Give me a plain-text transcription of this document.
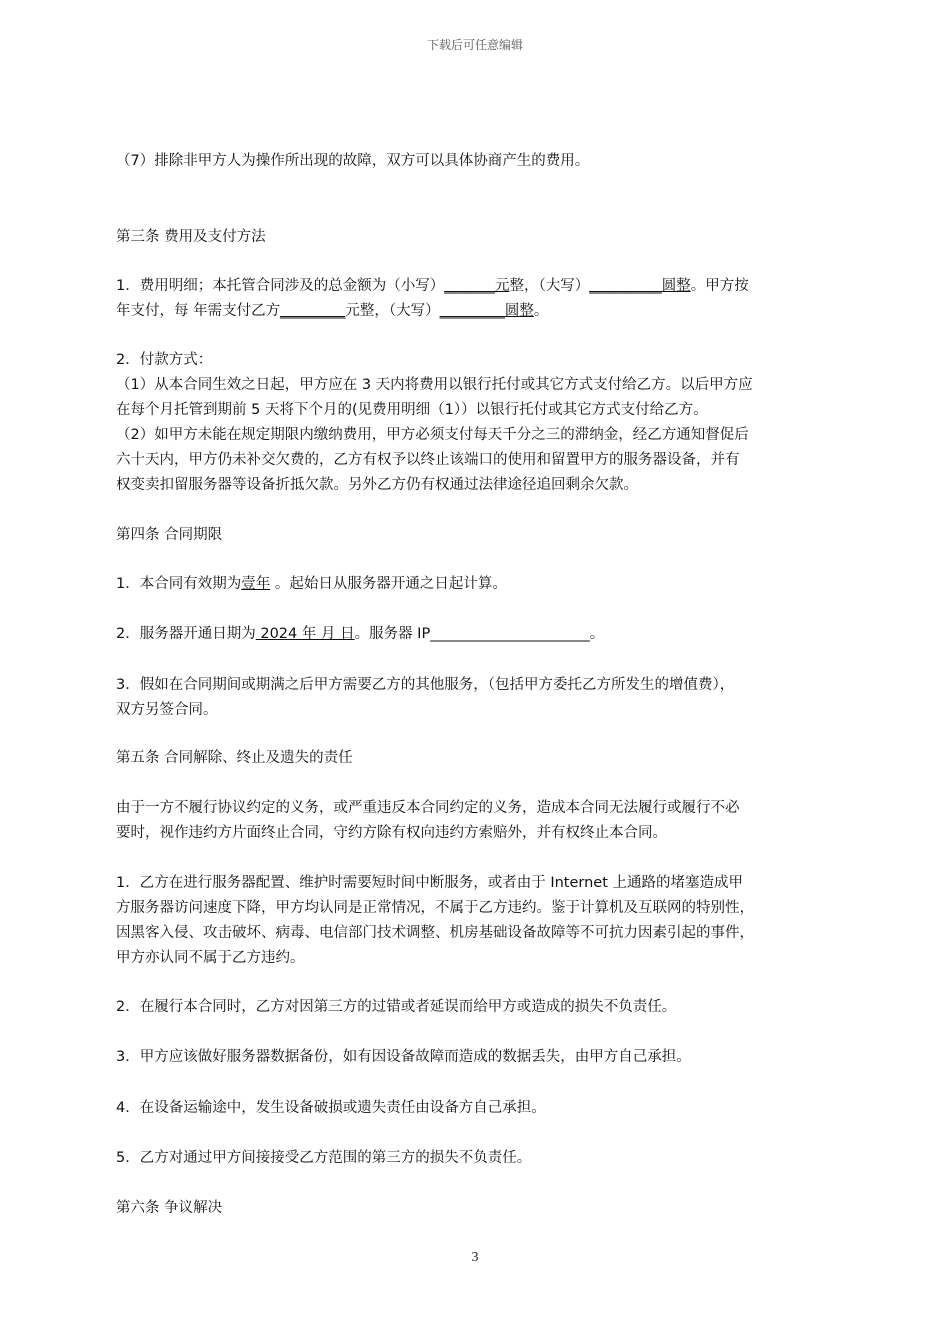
下载后可任意编辑

（7）排除非甲方人为操作所出现的故障，双方可以具体协商产生的费用。

第三条 费用及支付方法

1．费用明细；本托管合同涉及的总金额为（小写）_______元整，（大写）__________圆整。甲方按

年支付，每 年需支付乙方_________元整，（大写）_________圆整。

2．付款方式：

（1）从本合同生效之日起，甲方应在 3 天内将费用以银行托付或其它方式支付给乙方。以后甲方应

在每个月托管到期前 5 天将下个月的(见费用明细（1））以银行托付或其它方式支付给乙方。

（2）如甲方未能在规定期限内缴纳费用，甲方必须支付每天千分之三的滞纳金，经乙方通知督促后

六十天内，甲方仍未补交欠费的，乙方有权予以终止该端口的使用和留置甲方的服务器设备，并有

权变卖扣留服务器等设备折抵欠款。另外乙方仍有权通过法律途径追回剩余欠款。

第四条 合同期限

1．本合同有效期为壹年 。起始日从服务器开通之日起计算。

2．服务器开通日期为 2024 年 月 日。服务器 IP______________________。

3．假如在合同期间或期满之后甲方需要乙方的其他服务，（包括甲方委托乙方所发生的增值费），

双方另签合同。

第五条 合同解除、终止及遗失的责任

由于一方不履行协议约定的义务，或严重违反本合同约定的义务，造成本合同无法履行或履行不必

要时，视作违约方片面终止合同，守约方除有权向违约方索赔外，并有权终止本合同。

1．乙方在进行服务器配置、维护时需要短时间中断服务，或者由于 Internet 上通路的堵塞造成甲

方服务器访问速度下降，甲方均认同是正常情况，不属于乙方违约。鉴于计算机及互联网的特别性，

因黑客入侵、攻击破坏、病毒、电信部门技术调整、机房基础设备故障等不可抗力因素引起的事件，

甲方亦认同不属于乙方违约。

2．在履行本合同时，乙方对因第三方的过错或者延误而给甲方或造成的损失不负责任。

3．甲方应该做好服务器数据备份，如有因设备故障而造成的数据丢失，由甲方自己承担。

4．在设备运输途中，发生设备破损或遗失责任由设备方自己承担。

5．乙方对通过甲方间接接受乙方范围的第三方的损失不负责任。

第六条 争议解决

3
